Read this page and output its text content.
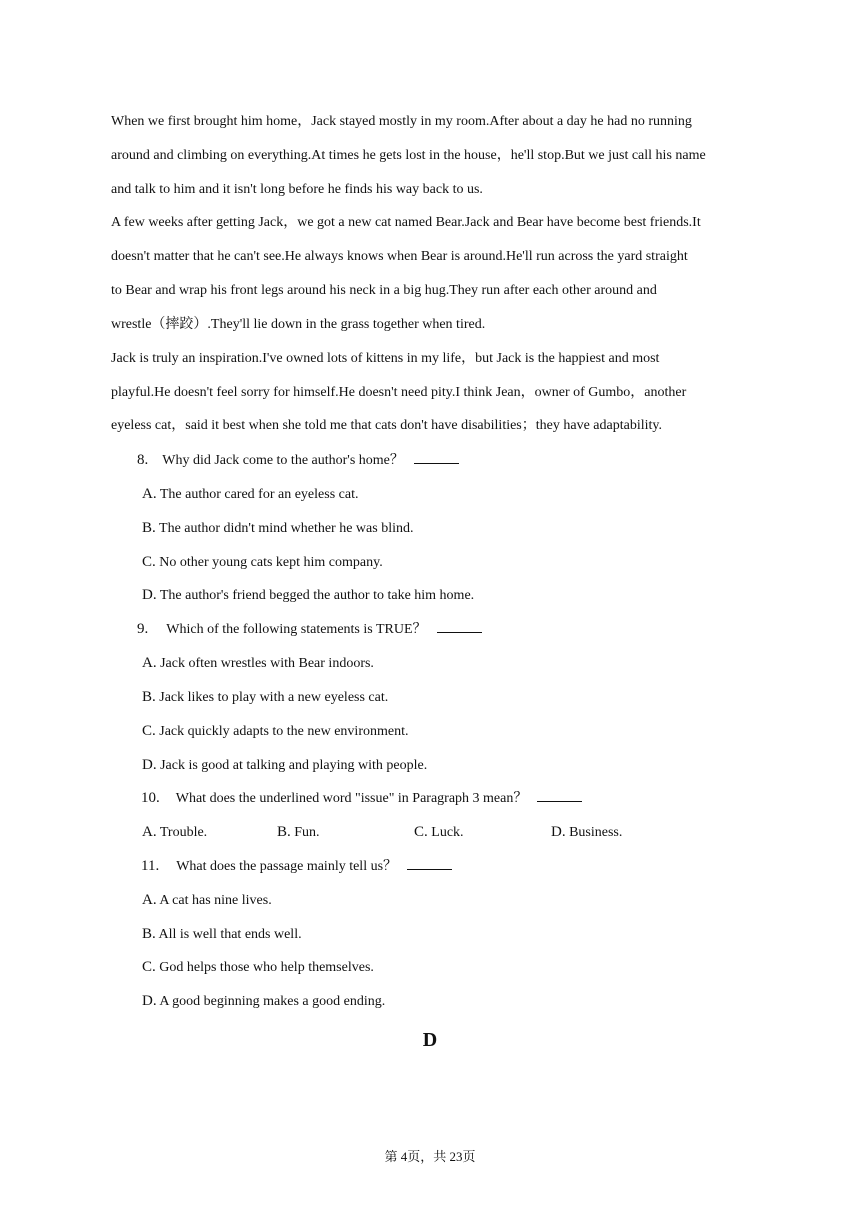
When we first brought him home，Jack stayed mostly in my room.After about a day he had no running
around and climbing on everything.At times he gets lost in the house，he'll stop.But we just call his name
and talk to him and it isn't long before he finds his way back to us.
A few weeks after getting Jack，we got a new cat named Bear.Jack and Bear have become best friends.It
doesn't matter that he can't see.He always knows when Bear is around.He'll run across the yard straight
to Bear and wrap his front legs around his neck in a big hug.They run after each other around and
wrestle（摔跤）.They'll lie down in the grass together when tired.
Jack is truly an inspiration.I've owned lots of kittens in my life，but Jack is the happiest and most
playful.He doesn't feel sorry for himself.He doesn't need pity.I think Jean，owner of Gumbo，another
eyeless cat，said it best when she told me that cats don't have disabilities；they have adaptability.
8. Why did Jack come to the author's home？
A. The author cared for an eyeless cat.
B. The author didn't mind whether he was blind.
C. No other young cats kept him company.
D. The author's friend begged the author to take him home.
9. Which of the following statements is TRUE？
A. Jack often wrestles with Bear indoors.
B. Jack likes to play with a new eyeless cat.
C. Jack quickly adapts to the new environment.
D. Jack is good at talking and playing with people.
10. What does the underlined word "issue" in Paragraph 3 mean？
A. Trouble.	B. Fun.	C. Luck.	D. Business.
11. What does the passage mainly tell us？
A. A cat has nine lives.
B. All is well that ends well.
C. God helps those who help themselves.
D. A good beginning makes a good ending.
D
第 4页，共 23页
